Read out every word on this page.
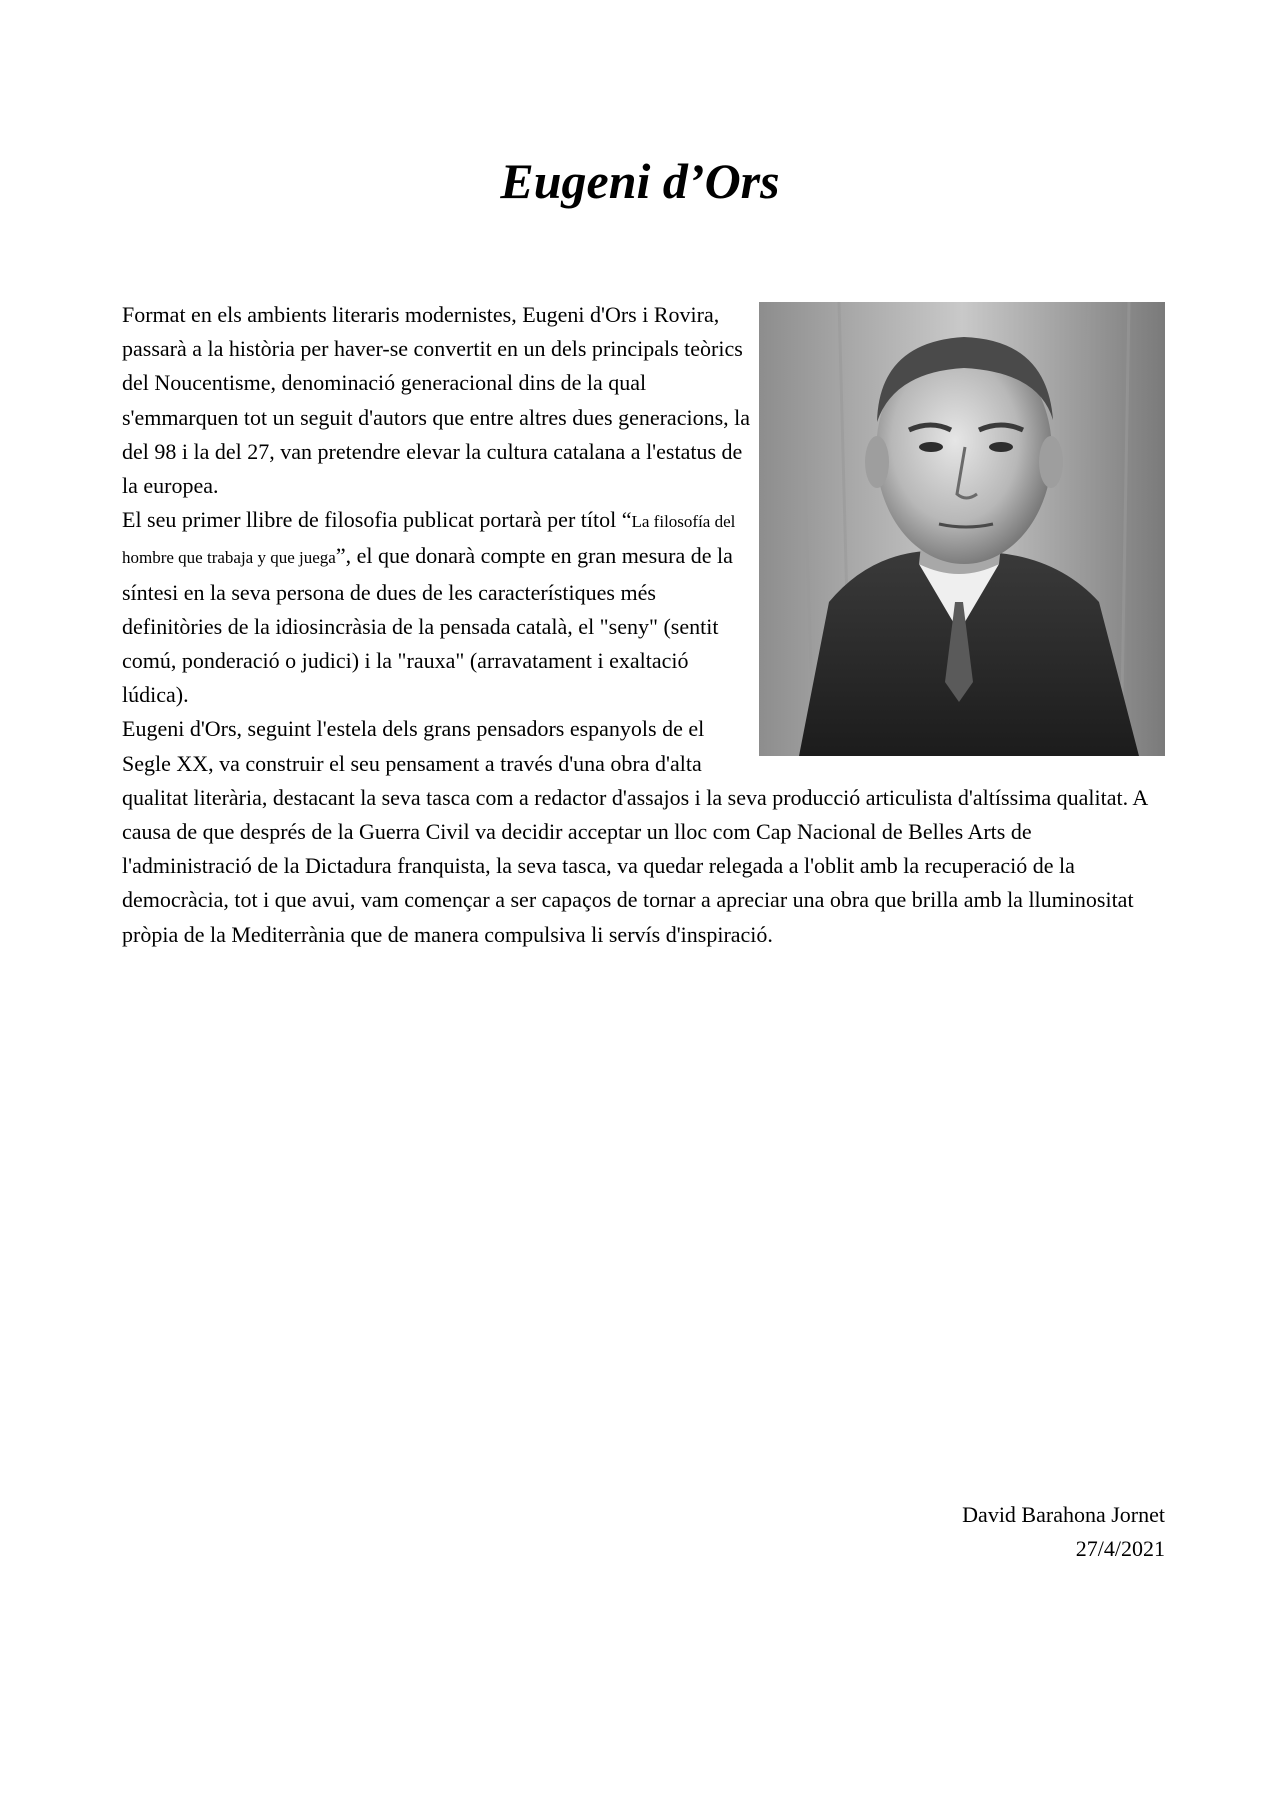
Eugeni d’Ors

Format en els ambients literaris modernistes, Eugeni d'Ors i Rovira, passarà a la història per haver-se convertit en un dels principals teòrics del Noucentisme, denominació generacional dins de la qual s'emmarquen tot un seguit d'autors que entre altres dues generacions, la del 98 i la del 27, van pretendre elevar la cultura catalana a l'estatus de la europea.

El seu primer llibre de filosofia publicat portarà per títol “La filosofía del hombre que trabaja y que juega”, el que donarà compte en gran mesura de la síntesi en la seva persona de dues de les característiques més definitòries de la idiosincràsia de la pensada català, el "seny" (sentit comú, ponderació o judici) i la "rauxa" (arravatament i exaltació lúdica).

Eugeni d'Ors, seguint l'estela dels grans pensadors espanyols de el Segle XX, va construir el seu pensament a través d'una obra d'alta qualitat literària, destacant la seva tasca com a redactor d'assajos i la seva producció articulista d'altíssima qualitat. A causa de que després de la Guerra Civil va decidir acceptar un lloc com Cap Nacional de Belles Arts de l'administració de la Dictadura franquista, la seva tasca, va quedar relegada a l'oblit amb la recuperació de la democràcia, tot i que avui, vam començar a ser capaços de tornar a apreciar una obra que brilla amb la lluminositat pròpia de la Mediterrània que de manera compulsiva li servís d'inspiració.

David Barahona Jornet
27/4/2021
